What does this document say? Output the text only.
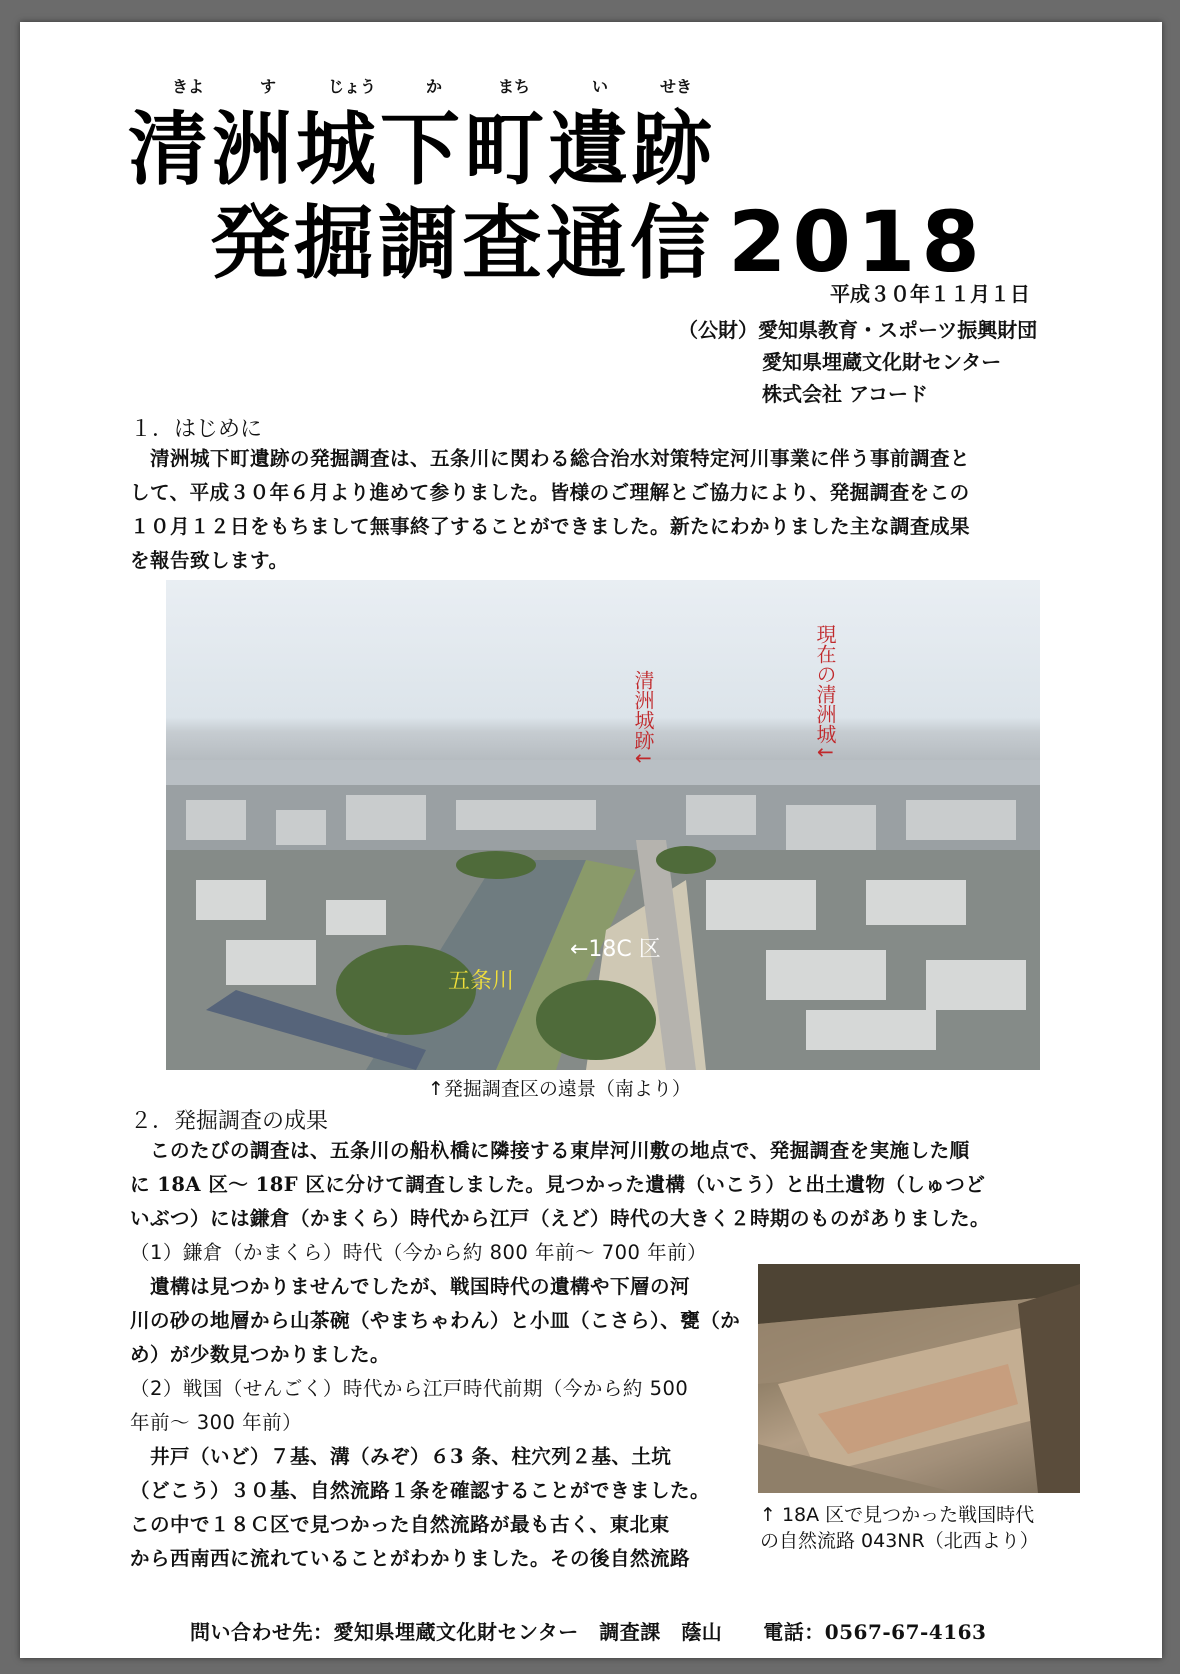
きよ	す	じょう	か	まち	い	せき
清洲城下町遺跡
発掘調査通信 2018
平成３０年１１月１日
（公財）愛知県教育・スポーツ振興財団
愛知県埋蔵文化財センター
株式会社 アコード
１．はじめに

　清洲城下町遺跡の発掘調査は、五条川に関わる総合治水対策特定河川事業に伴う事前調査と

して、平成３０年６月より進めて参りました。皆様のご理解とご協力により、発掘調査をこの

１０月１２日をもちまして無事終了することができました。新たにわかりました主な調査成果

を報告致します。

清洲城跡↓	現在の清洲城↓
←18C 区
五条川
↑発掘調査区の遠景（南より）
２．発掘調査の成果

　このたびの調査は、五条川の船杁橋に隣接する東岸河川敷の地点で、発掘調査を実施した順

に 18A 区～ 18F 区に分けて調査しました。見つかった遺構（いこう）と出土遺物（しゅつど

いぶつ）には鎌倉（かまくら）時代から江戸（えど）時代の大きく２時期のものがありました。

（1）鎌倉（かまくら）時代（今から約 800 年前～ 700 年前）

　遺構は見つかりませんでしたが、戦国時代の遺構や下層の河

川の砂の地層から山茶碗（やまちゃわん）と小皿（こさら）、甕（か

め）が少数見つかりました。

（2）戦国（せんごく）時代から江戸時代前期（今から約 500

年前～ 300 年前）

　井戸（いど）７基、溝（みぞ）６3 条、柱穴列２基、土坑

（どこう）３０基、自然流路１条を確認することができました。

この中で１８Ｃ区で見つかった自然流路が最も古く、東北東

から西南西に流れていることがわかりました。その後自然流路

↑ 18A 区で見つかった戦国時代
の自然流路 043NR（北西より）
問い合わせ先：愛知県埋蔵文化財センター　調査課　蔭山　　電話：0567-67-4163
